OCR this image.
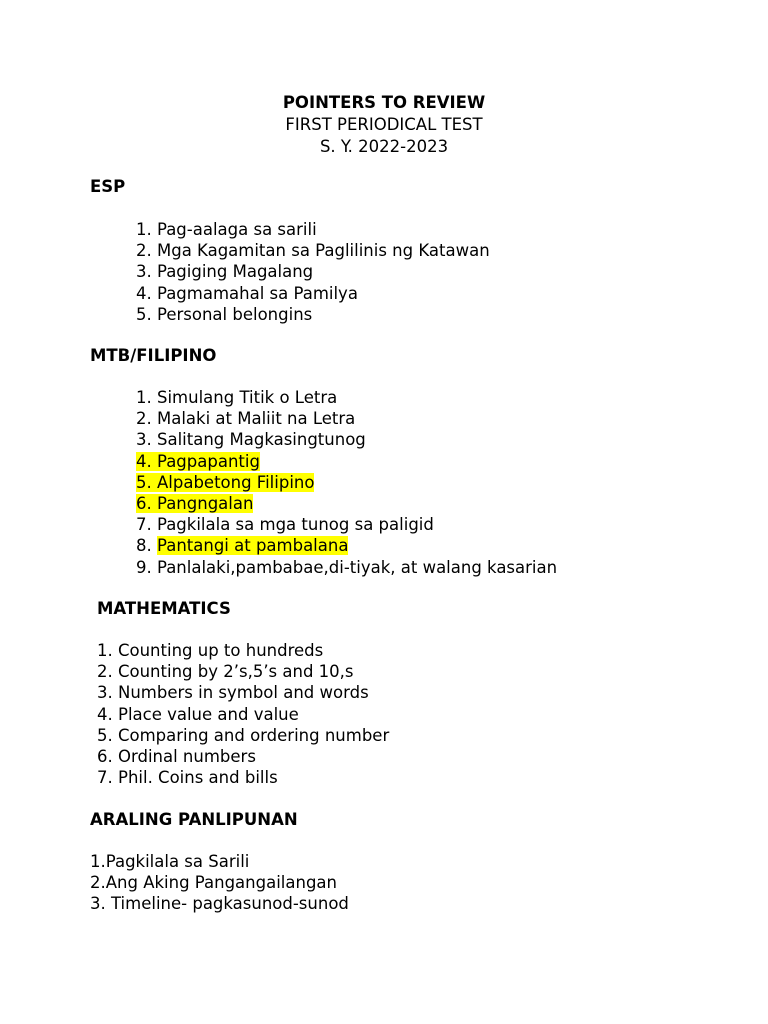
POINTERS TO REVIEW
FIRST PERIODICAL TEST
S. Y. 2022-2023
ESP
1. Pag-aalaga sa sarili
2. Mga Kagamitan sa Paglilinis ng Katawan
3. Pagiging Magalang
4. Pagmamahal sa Pamilya
5. Personal belongins
MTB/FILIPINO
1. Simulang Titik o Letra
2. Malaki at Maliit na Letra
3. Salitang Magkasingtunog
4. Pagpapantig
5. Alpabetong Filipino
6. Pangngalan
7. Pagkilala sa mga tunog sa paligid
8. Pantangi at pambalana
9. Panlalaki,pambabae,di-tiyak, at walang kasarian
MATHEMATICS
1. Counting up to hundreds
2. Counting by 2’s,5’s and 10,s
3. Numbers in symbol and words
4. Place value and value
5. Comparing and ordering number
6. Ordinal numbers
7. Phil. Coins and bills
ARALING PANLIPUNAN
1.Pagkilala sa Sarili
2.Ang Aking Pangangailangan
3. Timeline- pagkasunod-sunod
